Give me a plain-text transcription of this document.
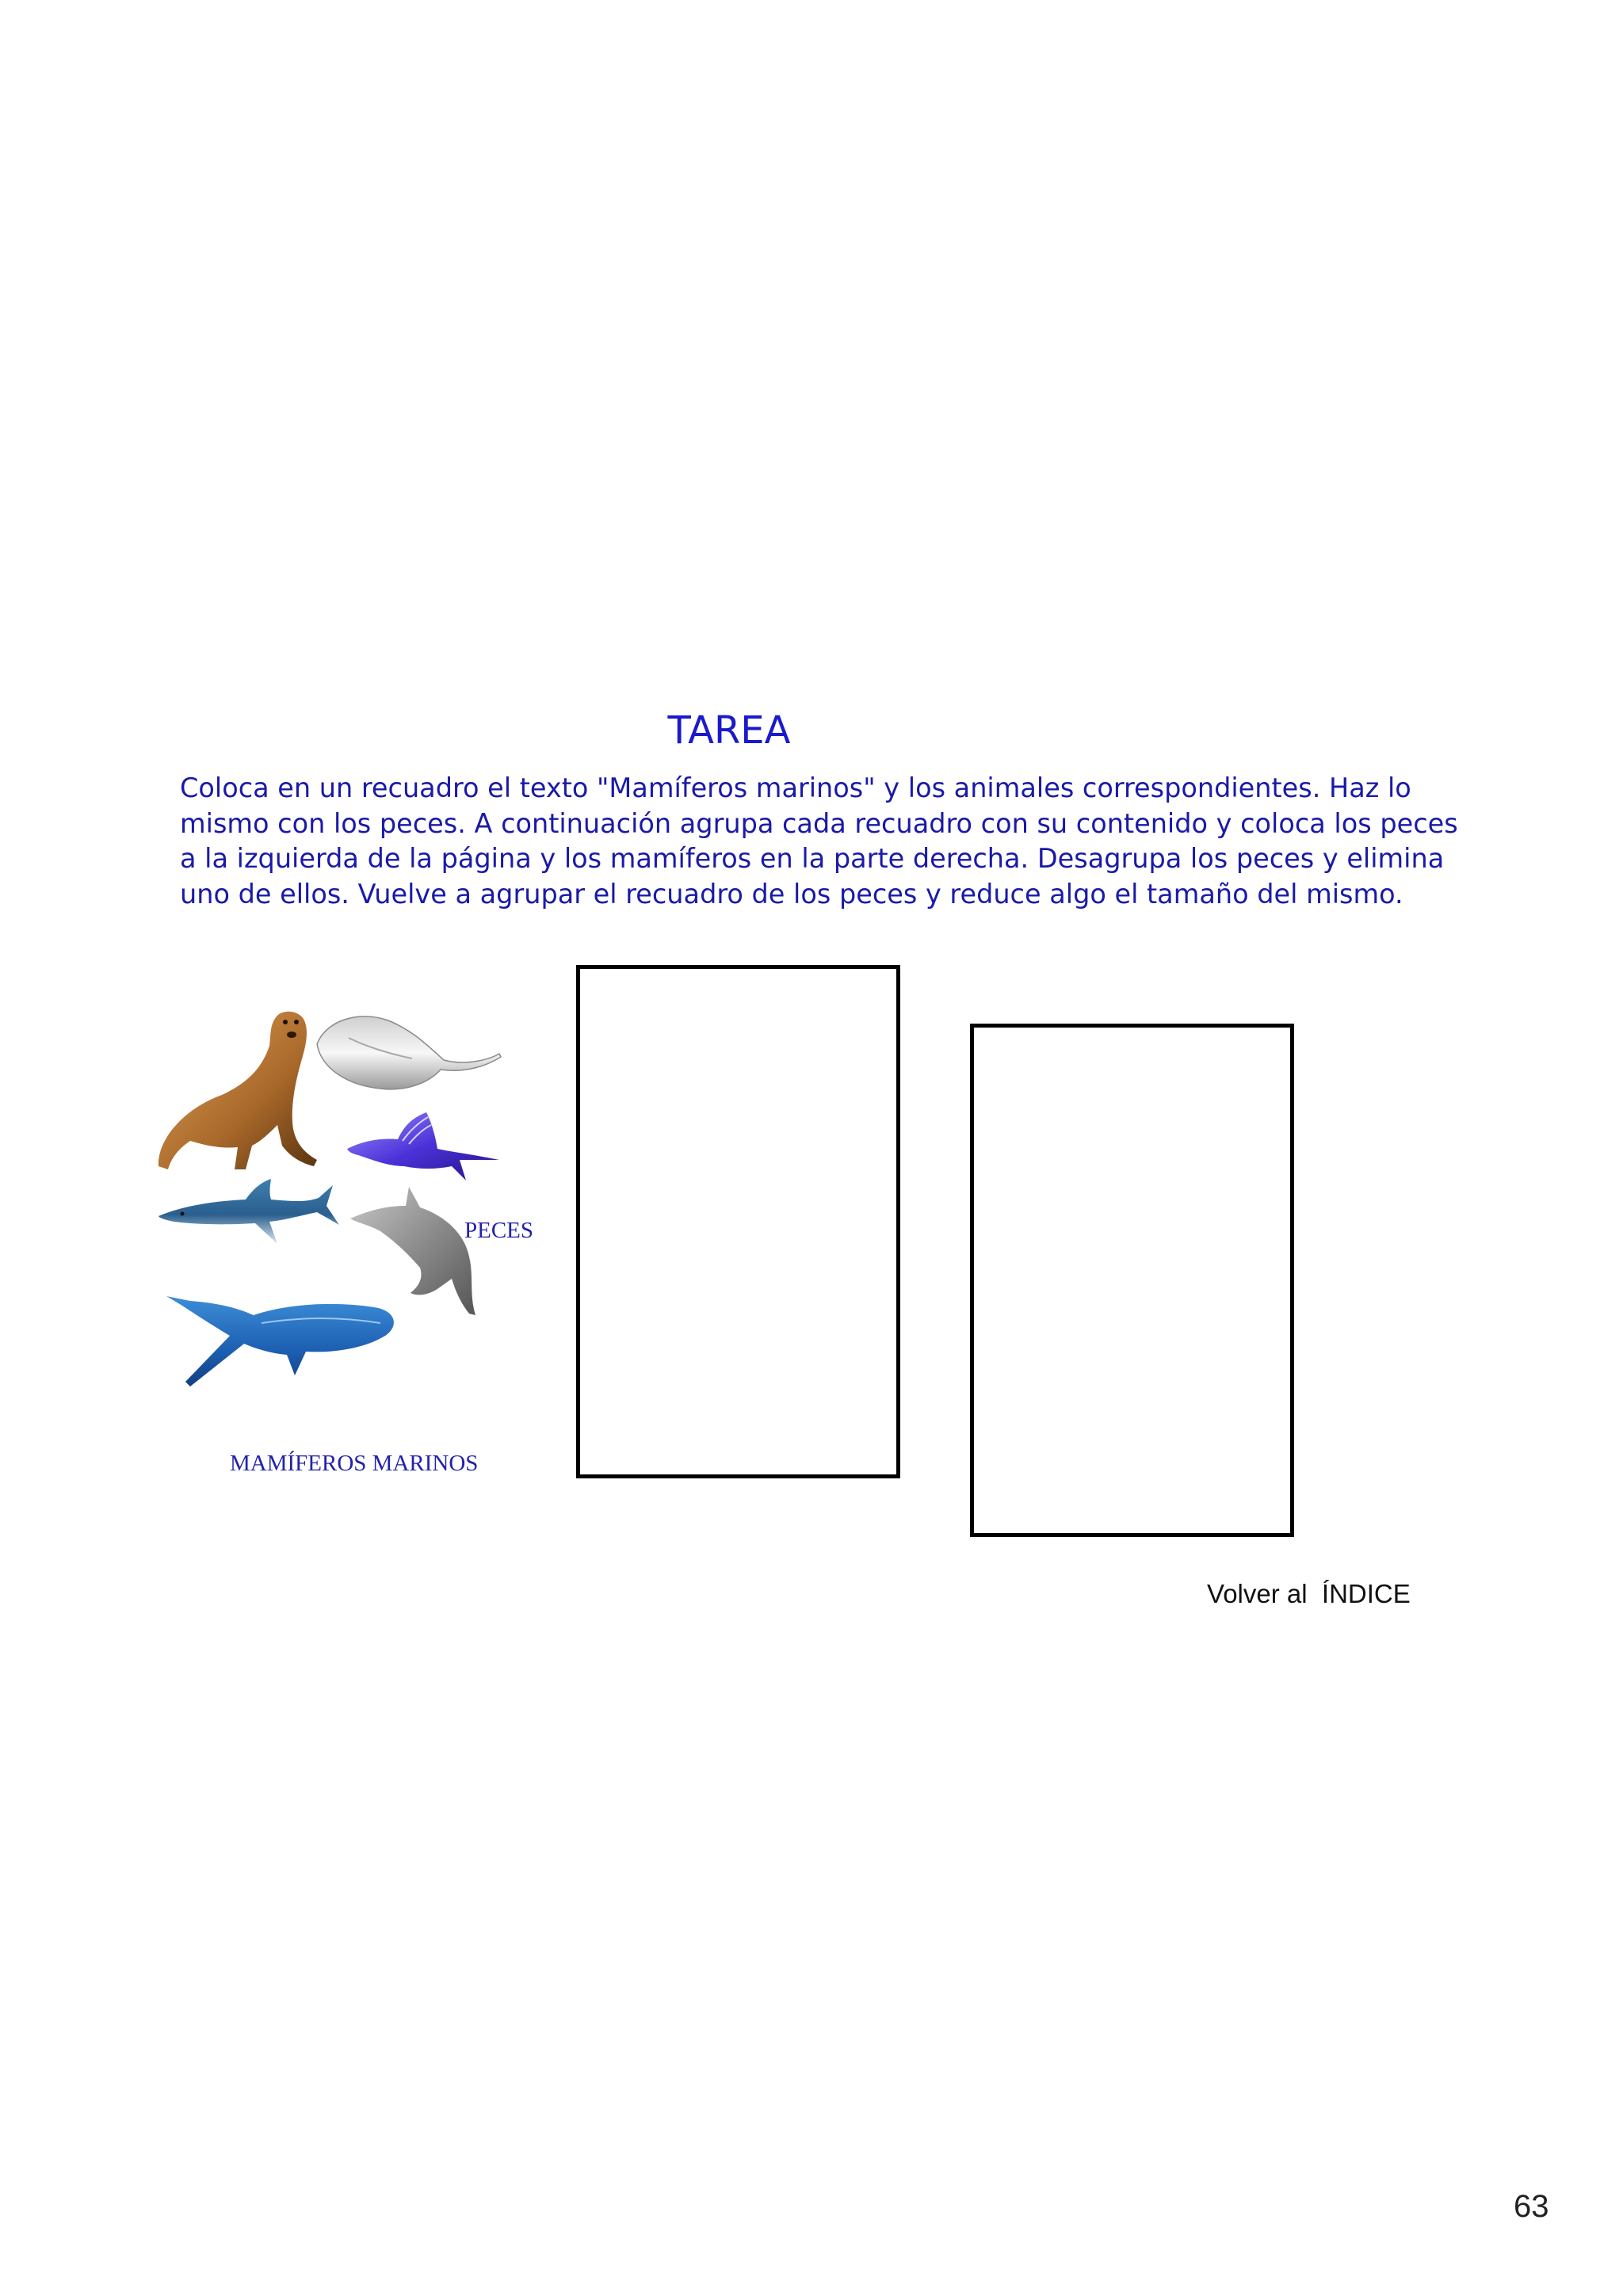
TAREA

Coloca en un recuadro el texto "Mamíferos marinos" y los animales correspondientes. Haz lo mismo con los peces. A continuación agrupa cada recuadro con su contenido y coloca los peces a la izquierda de la página y los mamíferos en la parte derecha. Desagrupa los peces y elimina uno de ellos. Vuelve a agrupar el recuadro de los peces y reduce algo el tamaño del mismo.

PECES

MAMÍFEROS MARINOS

Volver al  ÍNDICE

63
